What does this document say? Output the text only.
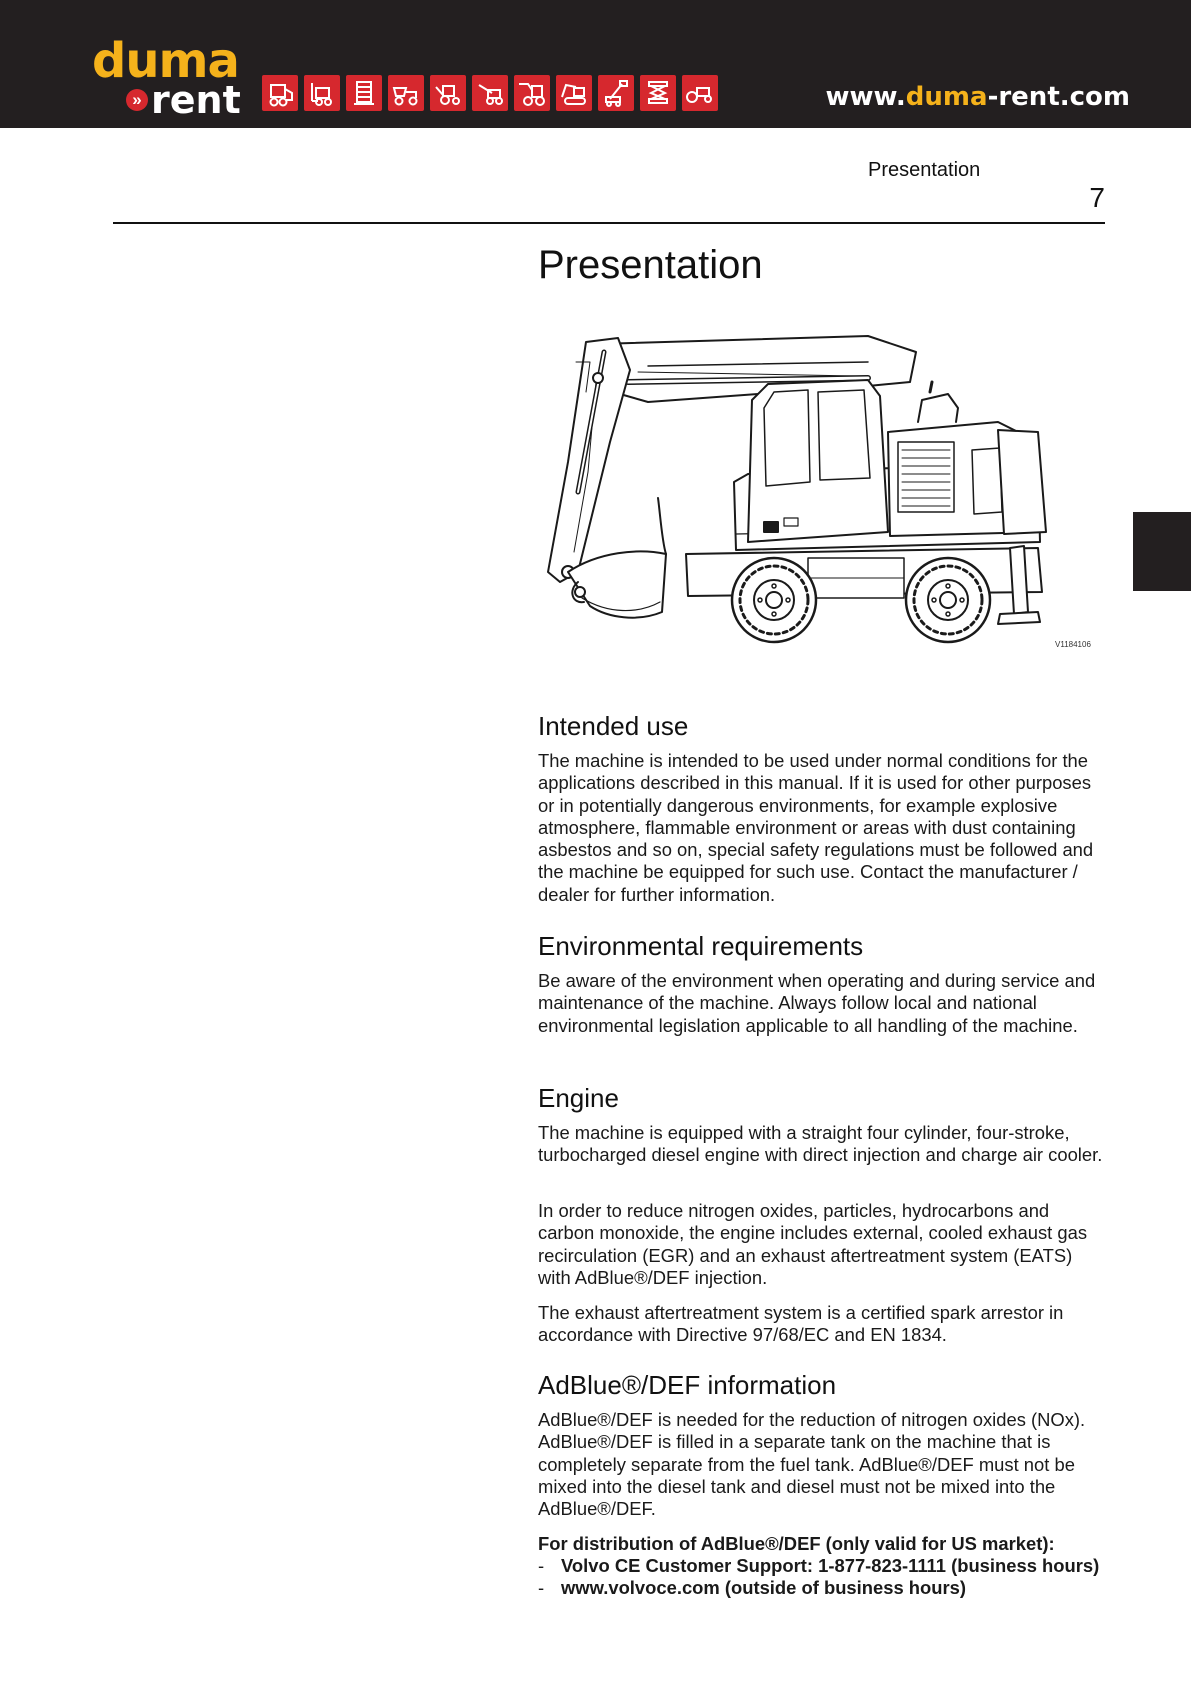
duma
» rent	www.duma-rent.com
Presentation
7
Presentation
V1184106
Intended use
The machine is intended to be used under normal conditions for the applications described in this manual. If it is used for other purposes or in potentially dangerous environments, for example explosive atmosphere, flammable environment or areas with dust containing asbestos and so on, special safety regulations must be followed and the machine be equipped for such use. Contact the manufacturer / dealer for further information.
Environmental requirements
Be aware of the environment when operating and during service and maintenance of the machine. Always follow local and national environmental legislation applicable to all handling of the machine.
Engine
The machine is equipped with a straight four cylinder, four-stroke, turbocharged diesel engine with direct injection and charge air cooler.
In order to reduce nitrogen oxides, particles, hydrocarbons and carbon monoxide, the engine includes external, cooled exhaust gas recirculation (EGR) and an exhaust aftertreatment system (EATS) with AdBlue®/DEF injection.
The exhaust aftertreatment system is a certified spark arrestor in accordance with Directive 97/68/EC and EN 1834.
AdBlue®/DEF information
AdBlue®/DEF is needed for the reduction of nitrogen oxides (NOx). AdBlue®/DEF is filled in a separate tank on the machine that is completely separate from the fuel tank. AdBlue®/DEF must not be mixed into the diesel tank and diesel must not be mixed into the AdBlue®/DEF.
For distribution of AdBlue®/DEF (only valid for US market):
- Volvo CE Customer Support: 1-877-823-1111 (business hours)
- www.volvoce.com (outside of business hours)
